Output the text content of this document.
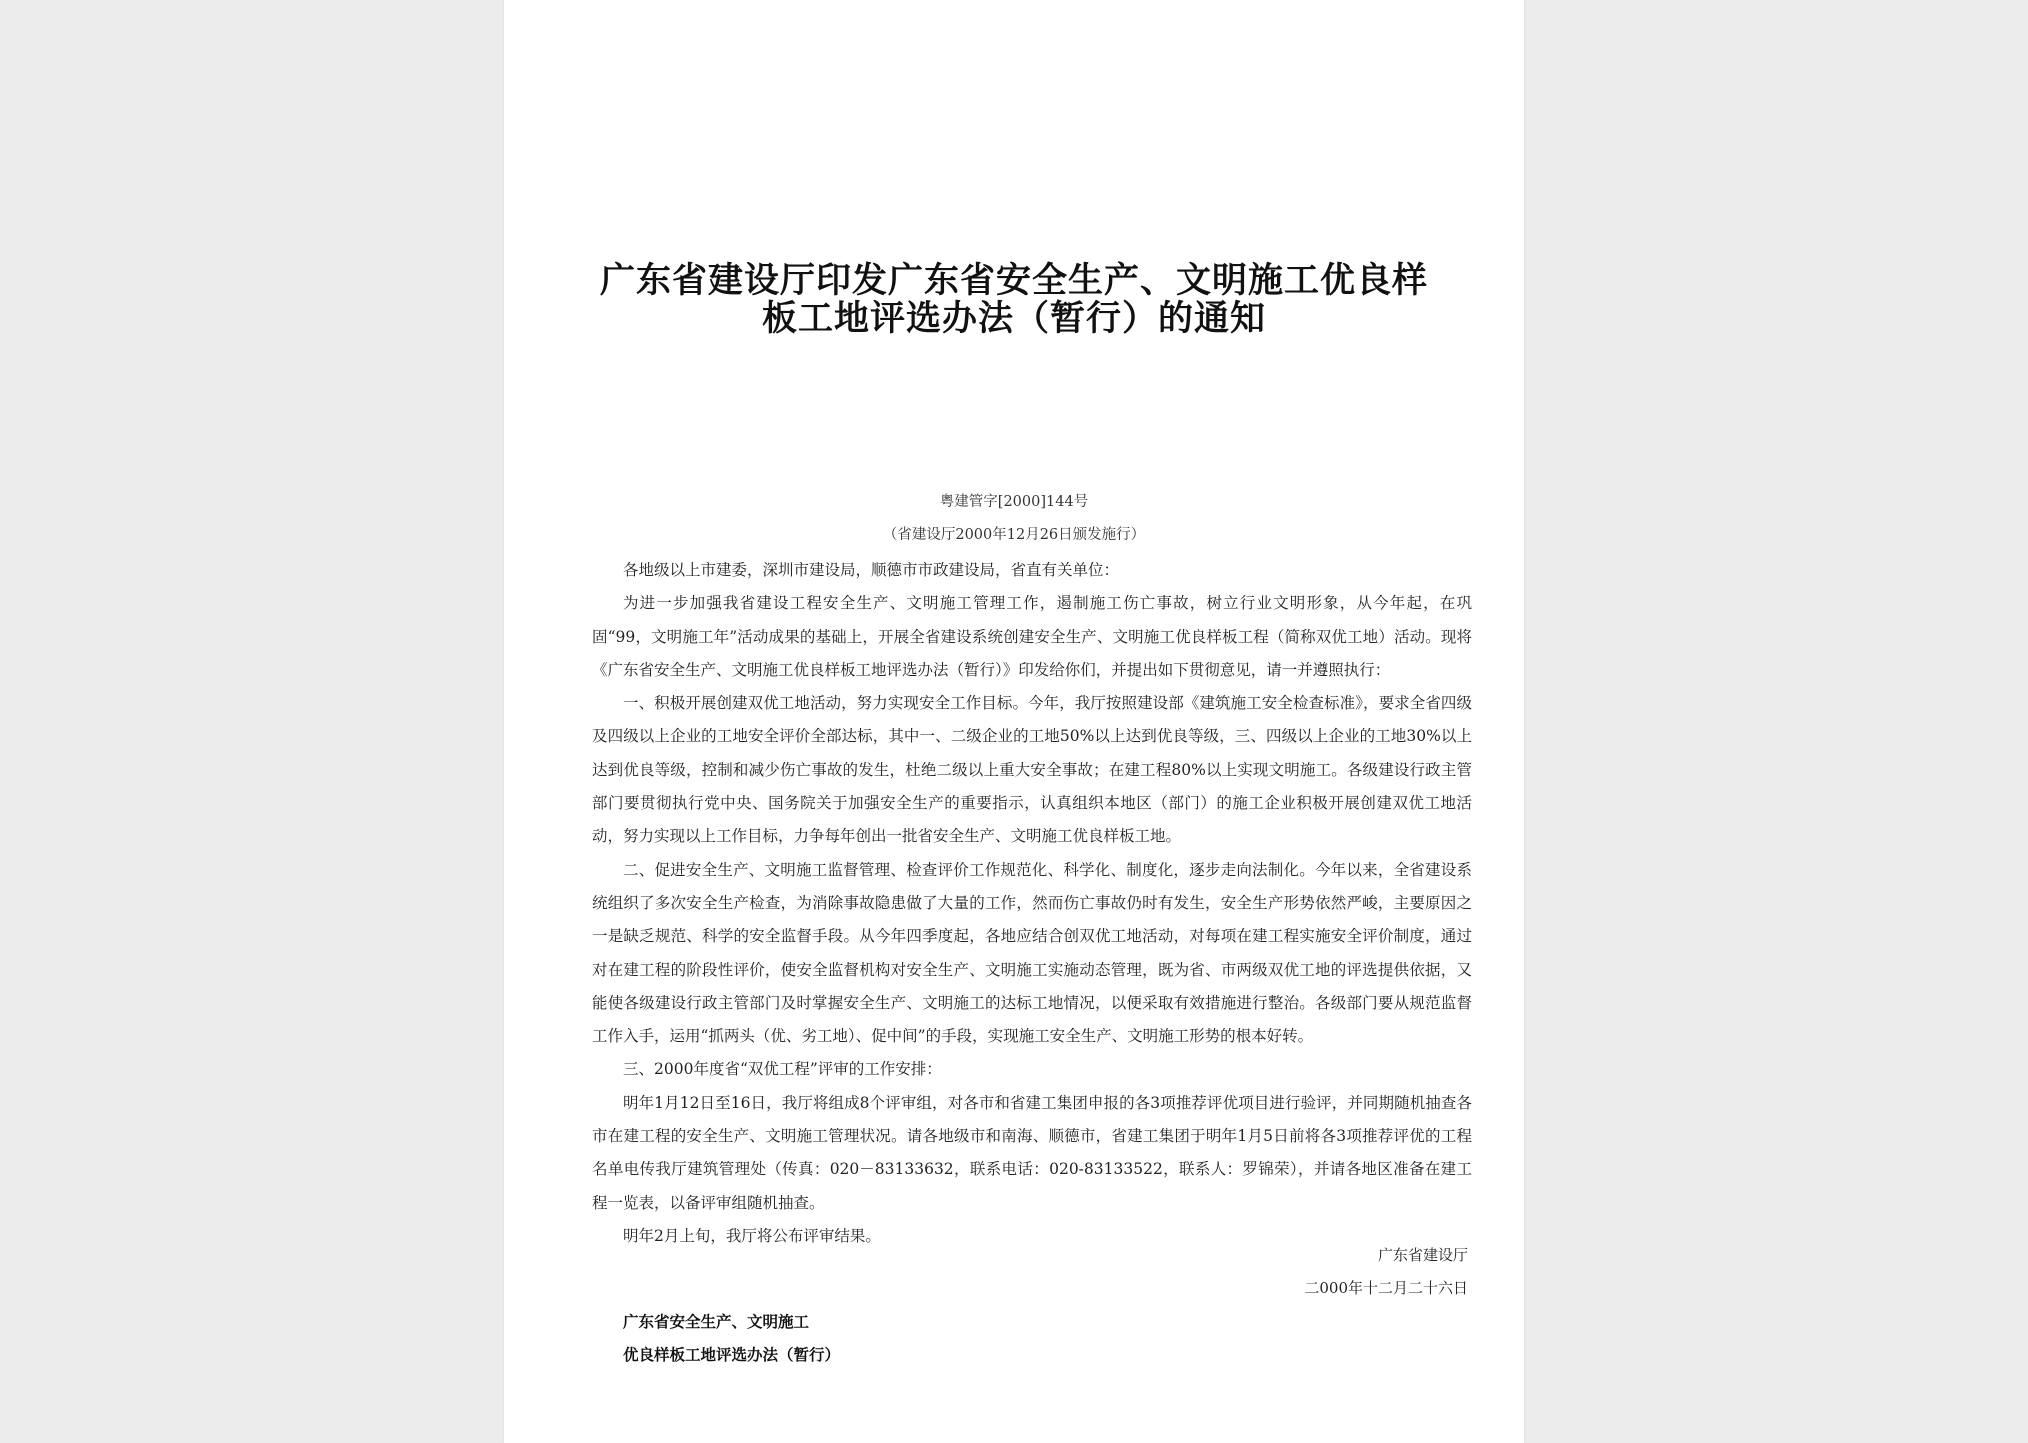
广东省建设厅印发广东省安全生产、文明施工优良样
板工地评选办法（暂行）的通知
粤建管字[2000]144号
（省建设厅2000年12月26日颁发施行）

各地级以上市建委，深圳市建设局，顺德市市政建设局，省直有关单位：

为进一步加强我省建设工程安全生产、文明施工管理工作，遏制施工伤亡事故，树立行业文明形象，从今年起，在巩固“99，文明施工年”活动成果的基础上，开展全省建设系统创建安全生产、文明施工优良样板工程（简称双优工地）活动。现将《广东省安全生产、文明施工优良样板工地评选办法（暂行）》印发给你们，并提出如下贯彻意见，请一并遵照执行：

一、积极开展创建双优工地活动，努力实现安全工作目标。今年，我厅按照建设部《建筑施工安全检查标准》，要求全省四级及四级以上企业的工地安全评价全部达标，其中一、二级企业的工地50%以上达到优良等级，三、四级以上企业的工地30%以上达到优良等级，控制和减少伤亡事故的发生，杜绝二级以上重大安全事故；在建工程80%以上实现文明施工。各级建设行政主管部门要贯彻执行党中央、国务院关于加强安全生产的重要指示，认真组织本地区（部门）的施工企业积极开展创建双优工地活动，努力实现以上工作目标，力争每年创出一批省安全生产、文明施工优良样板工地。

二、促进安全生产、文明施工监督管理、检查评价工作规范化、科学化、制度化，逐步走向法制化。今年以来，全省建设系统组织了多次安全生产检查，为消除事故隐患做了大量的工作，然而伤亡事故仍时有发生，安全生产形势依然严峻，主要原因之一是缺乏规范、科学的安全监督手段。从今年四季度起，各地应结合创双优工地活动，对每项在建工程实施安全评价制度，通过对在建工程的阶段性评价，使安全监督机构对安全生产、文明施工实施动态管理，既为省、市两级双优工地的评选提供依据，又能使各级建设行政主管部门及时掌握安全生产、文明施工的达标工地情况，以便采取有效措施进行整治。各级部门要从规范监督工作入手，运用“抓两头（优、劣工地）、促中间”的手段，实现施工安全生产、文明施工形势的根本好转。

三、2000年度省“双优工程”评审的工作安排：

明年1月12日至16日，我厅将组成8个评审组，对各市和省建工集团申报的各3项推荐评优项目进行验评，并同期随机抽查各市在建工程的安全生产、文明施工管理状况。请各地级市和南海、顺德市，省建工集团于明年1月5日前将各3项推荐评优的工程名单电传我厅建筑管理处（传真：020－83133632，联系电话：020-83133522，联系人：罗锦荣），并请各地区准备在建工程一览表，以备评审组随机抽查。

明年2月上旬，我厅将公布评审结果。

广东省建设厅
二000年十二月二十六日
广东省安全生产、文明施工
优良样板工地评选办法（暂行）
